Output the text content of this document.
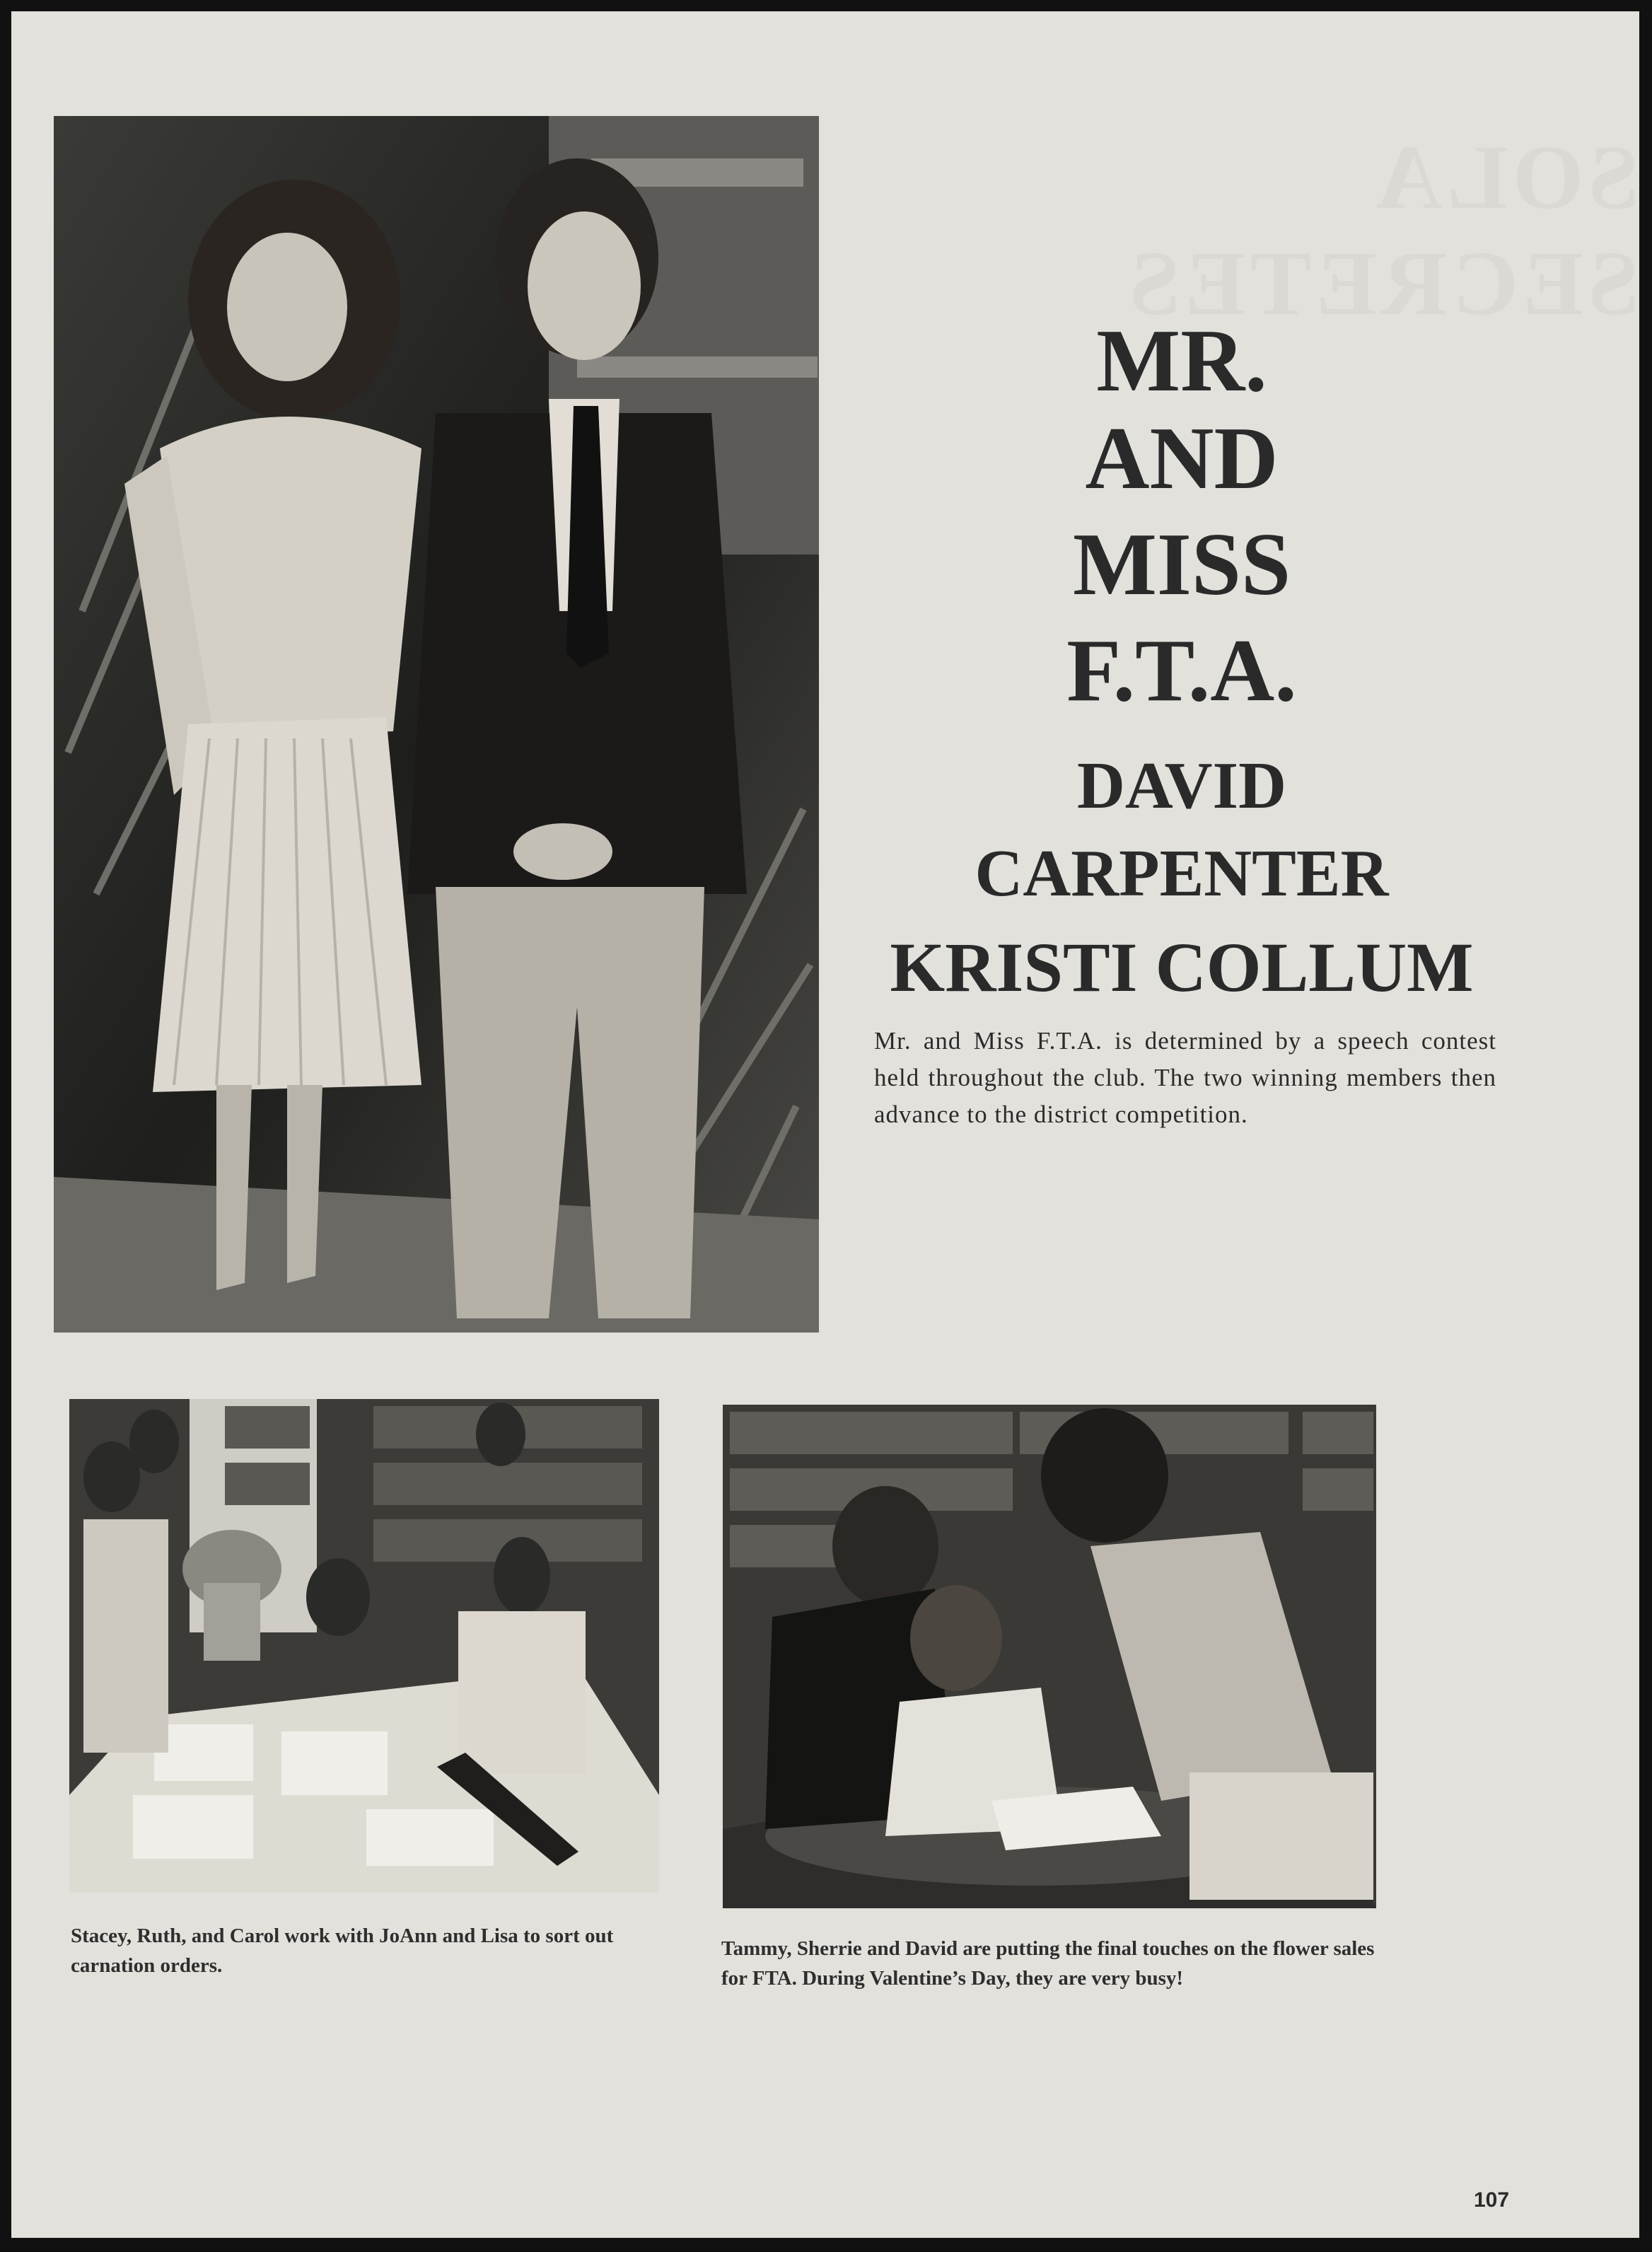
SOLA SECRETES
MR.
AND
MISS
F.T.A.
DAVID
CARPENTER
KRISTI COLLUM

Mr. and Miss F.T.A. is determined by a speech contest held throughout the club. The two winning members then advance to the district competition.

Stacey, Ruth, and Carol work with JoAnn and Lisa to sort out carnation orders.

Tammy, Sherrie and David are putting the final touches on the flower sales for FTA. During Valentine’s Day, they are very busy!

107
